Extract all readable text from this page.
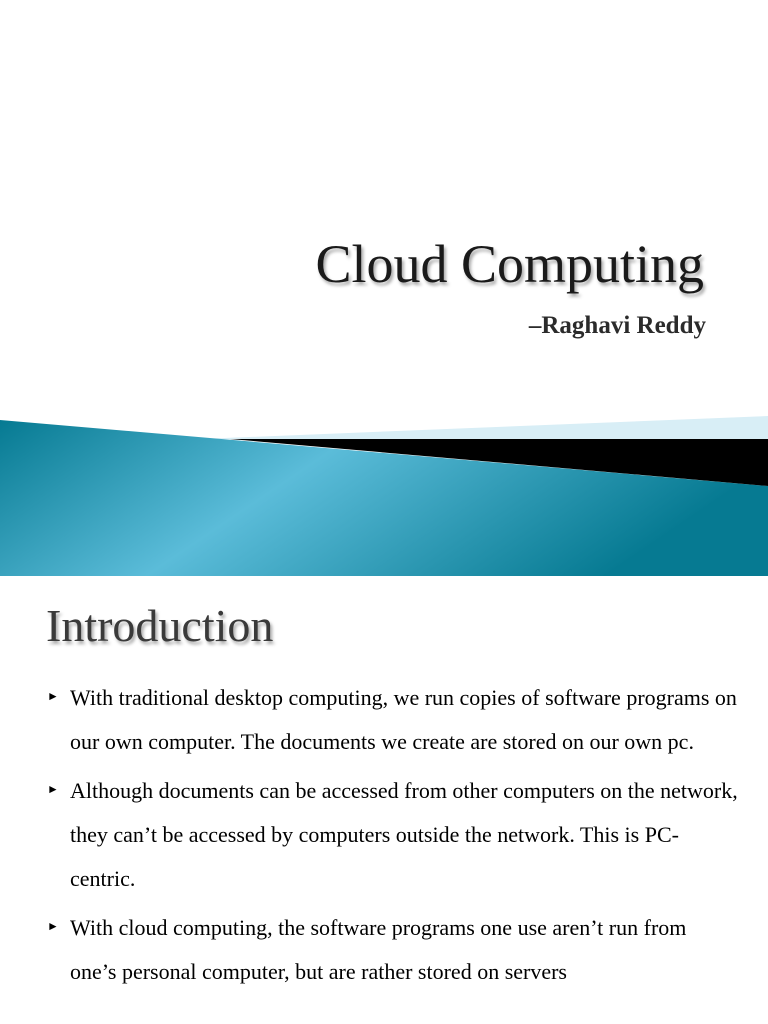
Cloud Computing
–Raghavi Reddy
Introduction
► With traditional desktop computing, we run copies of software programs on our own computer. The documents we create are stored on our own pc.
► Although documents can be accessed from other computers on the network, they can’t be accessed by computers outside the network. This is PC-centric.
► With cloud computing, the software programs one use aren’t run from one’s personal computer, but are rather stored on servers
